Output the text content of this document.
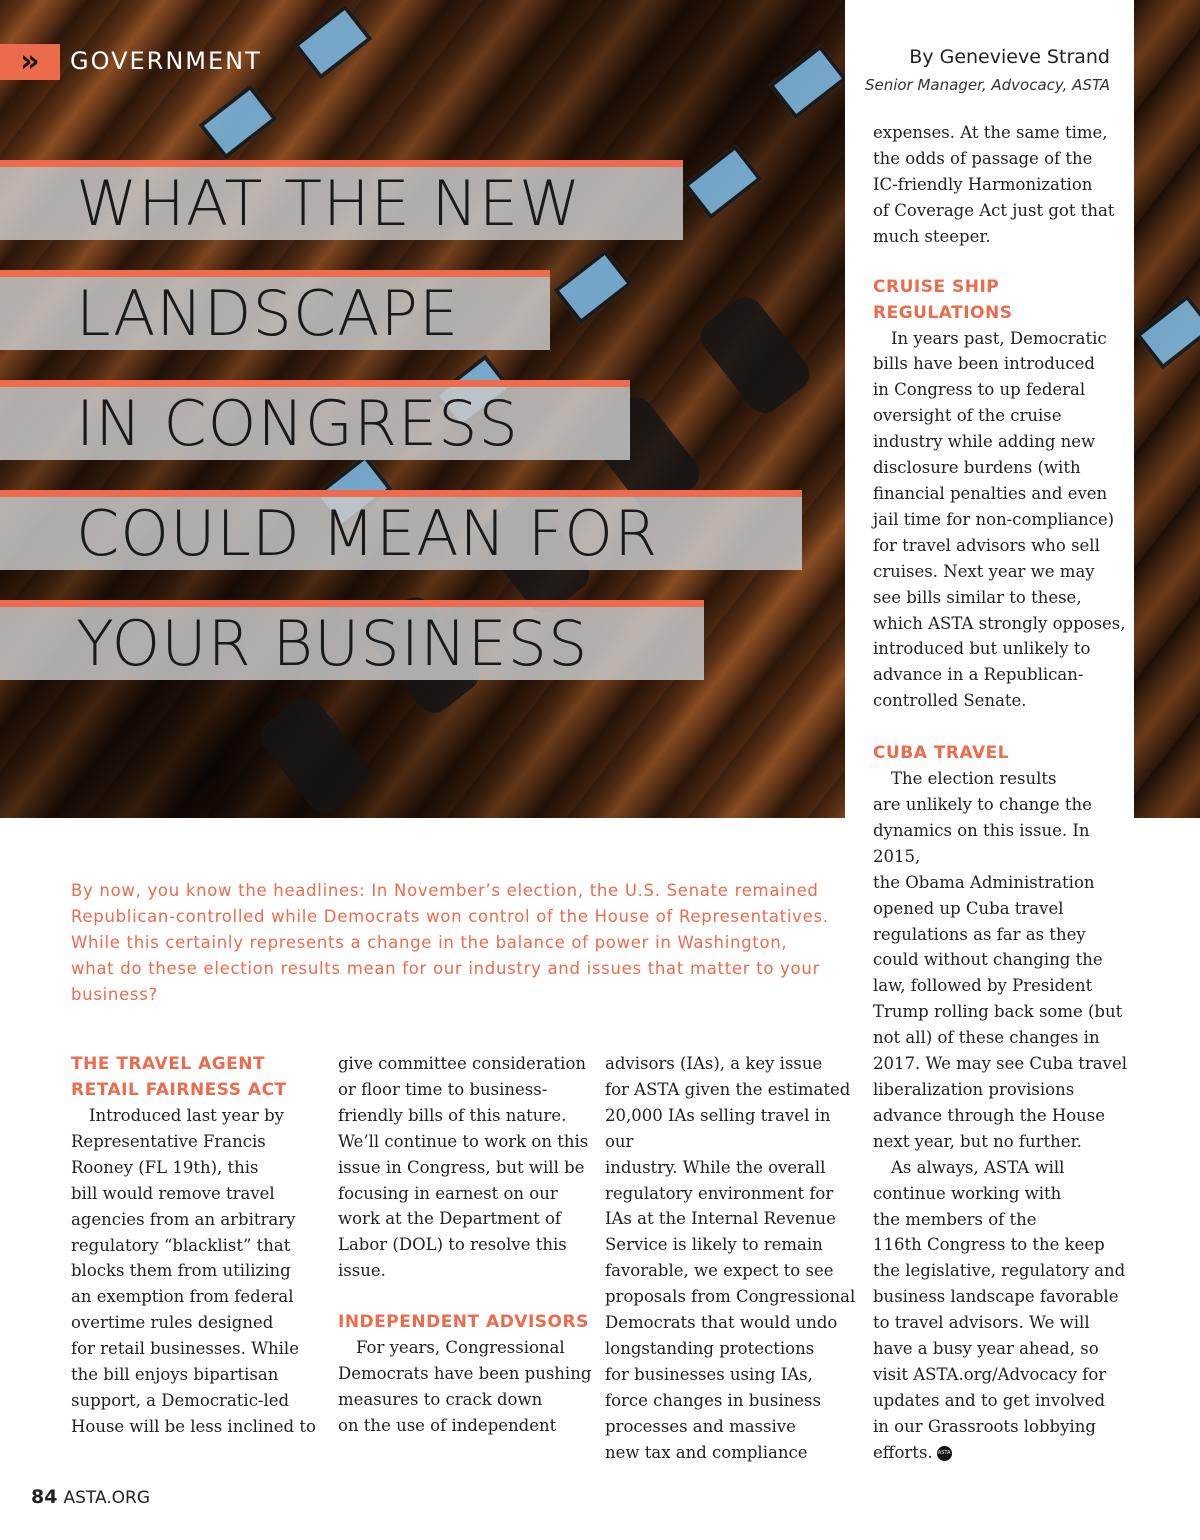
»	GOVERNMENT
WHAT THE NEW
LANDSCAPE
IN CONGRESS
COULD MEAN FOR
YOUR BUSINESS
By Genevieve Strand
Senior Manager, Advocacy, ASTA
By now, you know the headlines: In November’s election, the U.S. Senate remained Republican-controlled while Democrats won control of the House of Representatives. While this certainly represents a change in the balance of power in Washington, what do these election results mean for our industry and issues that matter to your business?

THE TRAVEL AGENT

RETAIL FAIRNESS ACT

Introduced last year by

Representative Francis

Rooney (FL 19th), this

bill would remove travel

agencies from an arbitrary

regulatory “blacklist” that

blocks them from utilizing

an exemption from federal

overtime rules designed

for retail businesses. While

the bill enjoys bipartisan

support, a Democratic-led

House will be less inclined to

give committee consideration

or floor time to business-

friendly bills of this nature.

We’ll continue to work on this

issue in Congress, but will be

focusing in earnest on our

work at the Department of

Labor (DOL) to resolve this

issue.

INDEPENDENT ADVISORS

For years, Congressional

Democrats have been pushing

measures to crack down

on the use of independent

advisors (IAs), a key issue

for ASTA given the estimated

20,000 IAs selling travel in our

industry. While the overall

regulatory environment for

IAs at the Internal Revenue

Service is likely to remain

favorable, we expect to see

proposals from Congressional

Democrats that would undo

longstanding protections

for businesses using IAs,

force changes in business

processes and massive

new tax and compliance

expenses. At the same time,

the odds of passage of the

IC-friendly Harmonization

of Coverage Act just got that

much steeper.

CRUISE SHIP

REGULATIONS

In years past, Democratic

bills have been introduced

in Congress to up federal

oversight of the cruise

industry while adding new

disclosure burdens (with

financial penalties and even

jail time for non-compliance)

for travel advisors who sell

cruises. Next year we may

see bills similar to these,

which ASTA strongly opposes,

introduced but unlikely to

advance in a Republican-

controlled Senate.

CUBA TRAVEL

The election results

are unlikely to change the

dynamics on this issue. In 2015,

the Obama Administration

opened up Cuba travel

regulations as far as they

could without changing the

law, followed by President

Trump rolling back some (but

not all) of these changes in

2017. We may see Cuba travel

liberalization provisions

advance through the House

next year, but no further.

As always, ASTA will

continue working with

the members of the

116th Congress to the keep

the legislative, regulatory and

business landscape favorable

to travel advisors. We will

have a busy year ahead, so

visit ASTA.org/Advocacy for

updates and to get involved

in our Grassroots lobbying

efforts. ASTA

84 ASTA.ORG
